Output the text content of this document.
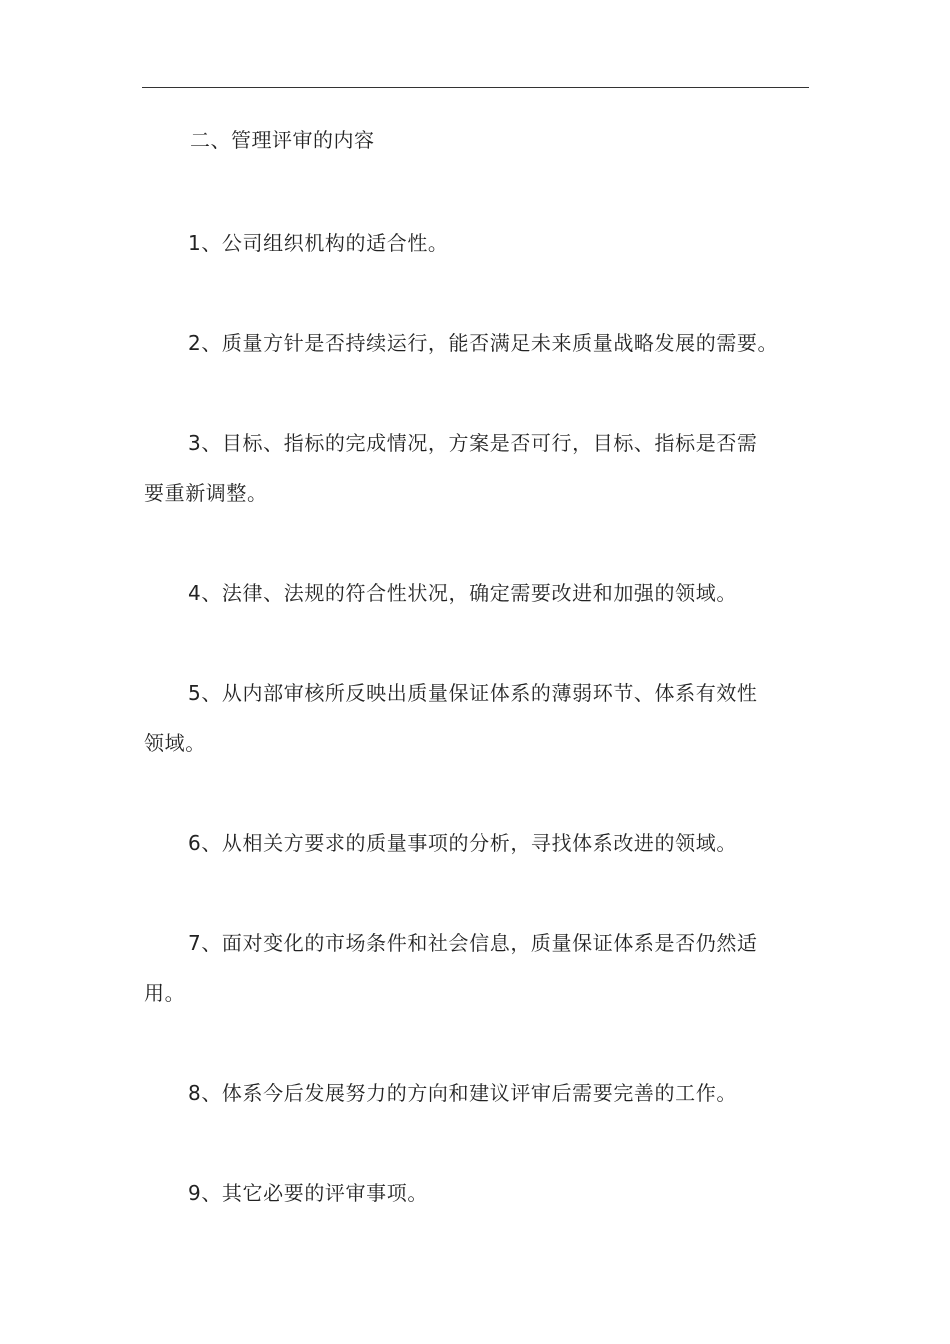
二、管理评审的内容
1、公司组织机构的适合性。
2、质量方针是否持续运行，能否满足未来质量战略发展的需要。
3、目标、指标的完成情况，方案是否可行，目标、指标是否需
要重新调整。
4、法律、法规的符合性状况，确定需要改进和加强的领域。
5、从内部审核所反映出质量保证体系的薄弱环节、体系有效性
领域。
6、从相关方要求的质量事项的分析，寻找体系改进的领域。
7、面对变化的市场条件和社会信息，质量保证体系是否仍然适
用。
8、体系今后发展努力的方向和建议评审后需要完善的工作。
9、其它必要的评审事项。
